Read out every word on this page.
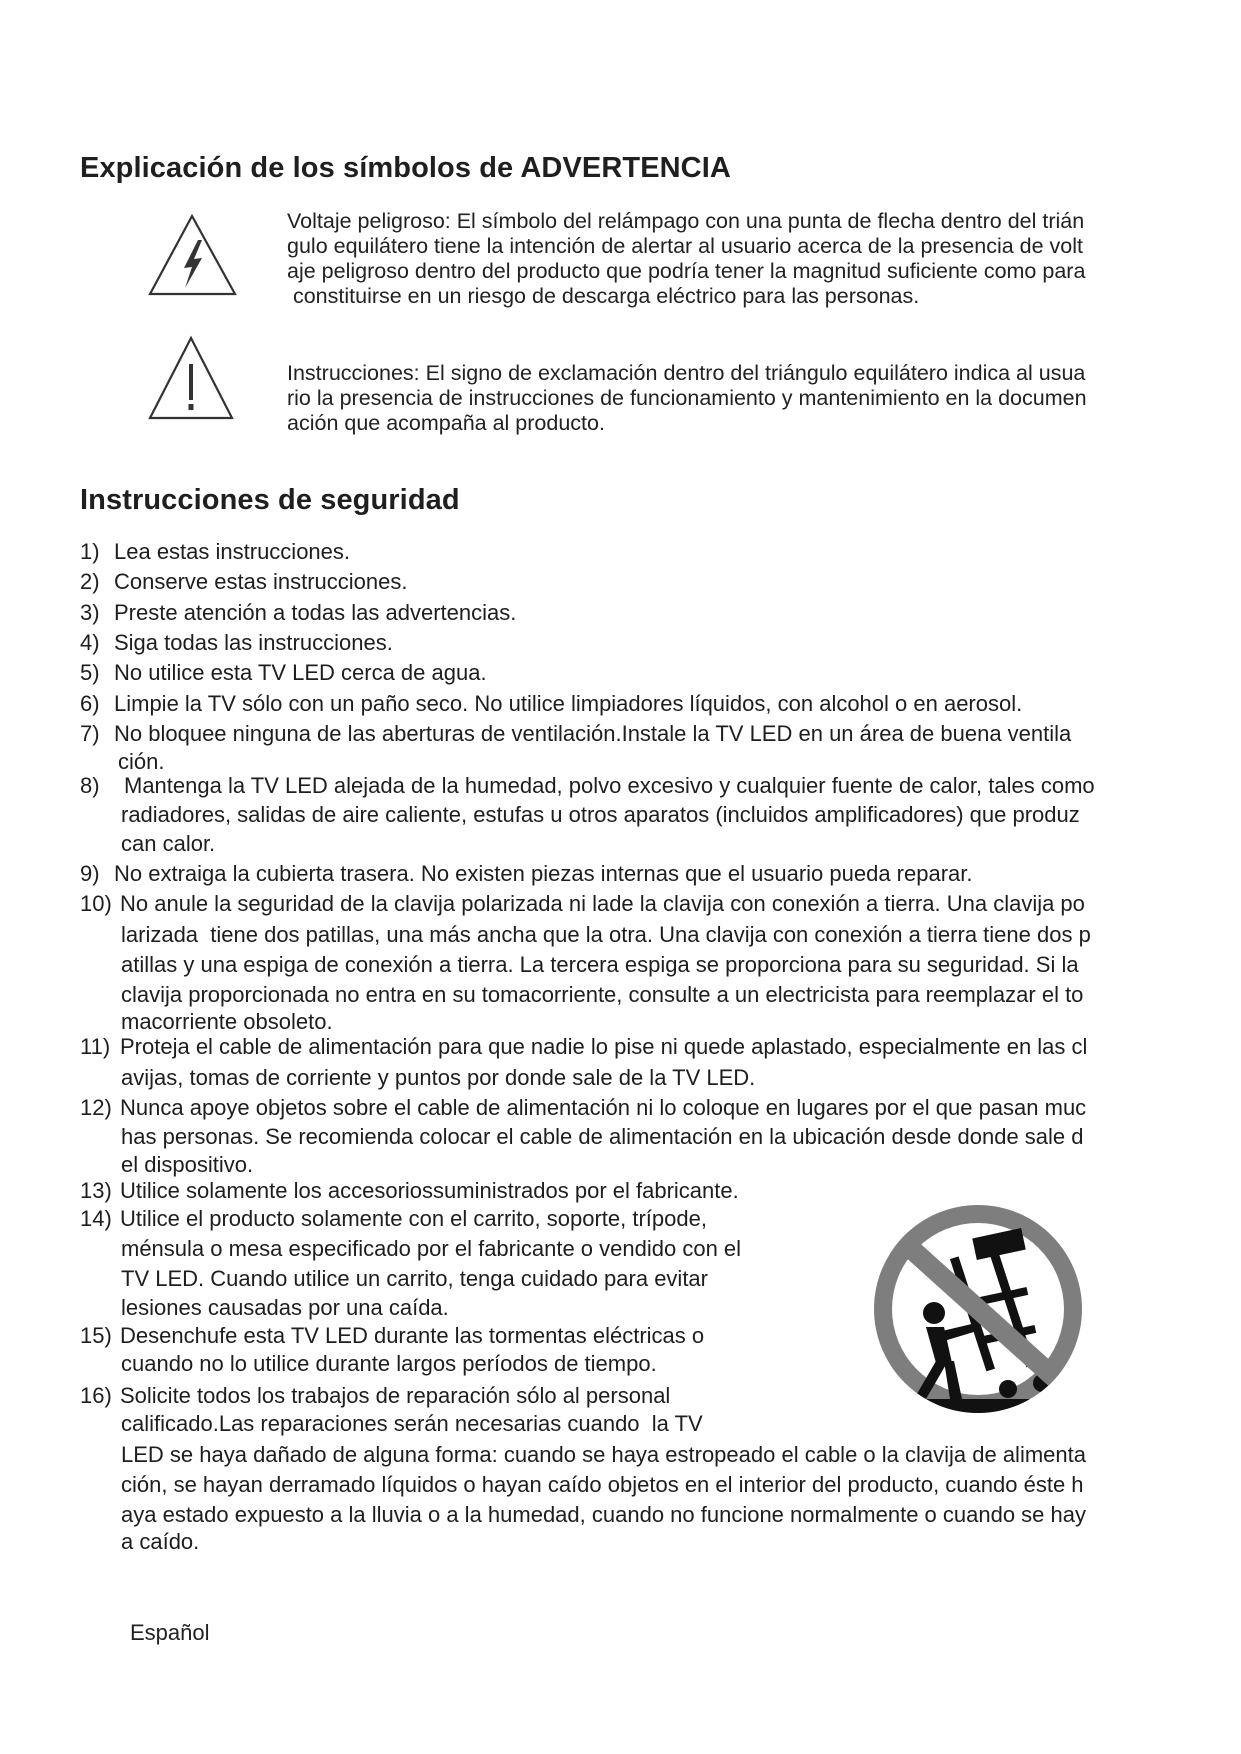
Explicación de los símbolos de ADVERTENCIA
Voltaje peligroso: El símbolo del relámpago con una punta de flecha dentro del trián
gulo equilátero tiene la intención de alertar al usuario acerca de la presencia de volt
aje peligroso dentro del producto que podría tener la magnitud suficiente como para
constituirse en un riesgo de descarga eléctrico para las personas.
Instrucciones: El signo de exclamación dentro del triángulo equilátero indica al usua
rio la presencia de instrucciones de funcionamiento y mantenimiento en la documen
ación que acompaña al producto.
Instrucciones de seguridad
1) Lea estas instrucciones.
2) Conserve estas instrucciones.
3) Preste atención a todas las advertencias.
4) Siga todas las instrucciones.
5) No utilice esta TV LED cerca de agua.
6) Limpie la TV sólo con un paño seco. No utilice limpiadores líquidos, con alcohol o en aerosol.
7) No bloquee ninguna de las aberturas de ventilación.Instale la TV LED en un área de buena ventila
ción.
8) Mantenga la TV LED alejada de la humedad, polvo excesivo y cualquier fuente de calor, tales como
radiadores, salidas de aire caliente, estufas u otros aparatos (incluidos amplificadores) que produz
can calor.
9) No extraiga la cubierta trasera. No existen piezas internas que el usuario pueda reparar.
10) No anule la seguridad de la clavija polarizada ni lade la clavija con conexión a tierra. Una clavija po
larizada  tiene dos patillas, una más ancha que la otra. Una clavija con conexión a tierra tiene dos p
atillas y una espiga de conexión a tierra. La tercera espiga se proporciona para su seguridad. Si la
clavija proporcionada no entra en su tomacorriente, consulte a un electricista para reemplazar el to
macorriente obsoleto.
11) Proteja el cable de alimentación para que nadie lo pise ni quede aplastado, especialmente en las cl
avijas, tomas de corriente y puntos por donde sale de la TV LED.
12) Nunca apoye objetos sobre el cable de alimentación ni lo coloque en lugares por el que pasan muc
has personas. Se recomienda colocar el cable de alimentación en la ubicación desde donde sale d
el dispositivo.
13) Utilice solamente los accesoriossuministrados por el fabricante.
14) Utilice el producto solamente con el carrito, soporte, trípode,
ménsula o mesa especificado por el fabricante o vendido con el
TV LED. Cuando utilice un carrito, tenga cuidado para evitar
lesiones causadas por una caída.
15) Desenchufe esta TV LED durante las tormentas eléctricas o
cuando no lo utilice durante largos períodos de tiempo.
16) Solicite todos los trabajos de reparación sólo al personal
calificado.Las reparaciones serán necesarias cuando  la TV
LED se haya dañado de alguna forma: cuando se haya estropeado el cable o la clavija de alimenta
ción, se hayan derramado líquidos o hayan caído objetos en el interior del producto, cuando éste h
aya estado expuesto a la lluvia o a la humedad, cuando no funcione normalmente o cuando se hay
a caído.
Español
